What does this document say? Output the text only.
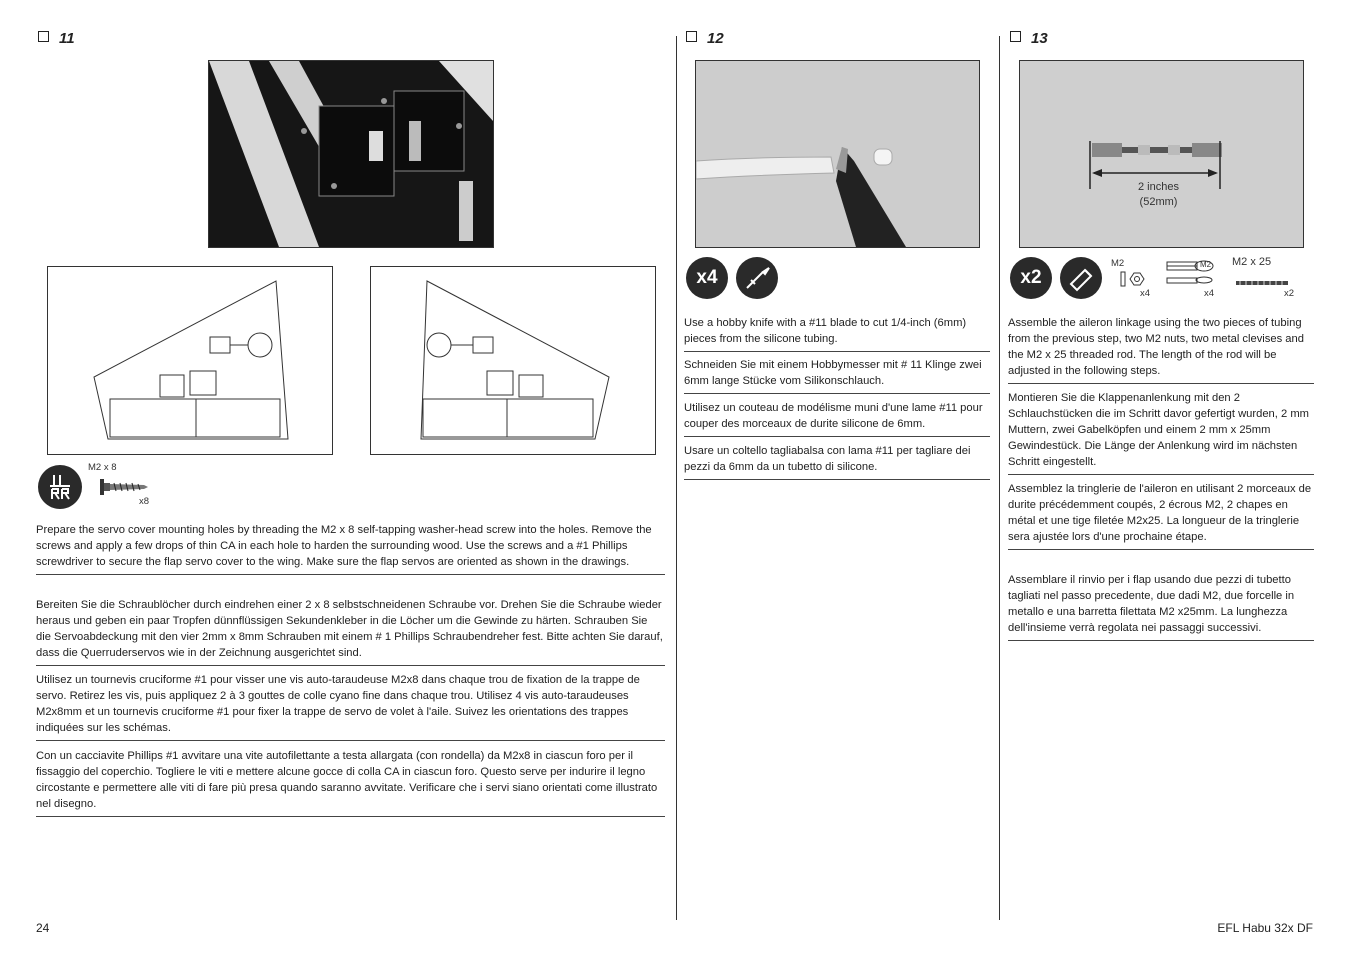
11
M2 x 8
x8
Prepare the servo cover mounting holes by threading the M2 x 8 self-tapping washer-head screw into the holes. Remove the screws and apply a few drops of thin CA in each hole to harden the surrounding wood. Use the screws and a #1 Phillips screwdriver to secure the flap servo cover to the wing. Make sure the flap servos are oriented as shown in the drawings.
Bereiten Sie die Schraublöcher durch eindrehen einer 2 x 8 selbstschneidenen Schraube vor. Drehen Sie die Schraube wieder heraus und geben ein paar Tropfen dünnflüssigen Sekundenkleber in die Löcher um die Gewinde zu härten. Schrauben Sie die Servoabdeckung mit den vier 2mm x 8mm Schrauben mit einem # 1 Phillips Schraubendreher fest. Bitte achten Sie darauf, dass die Querruderservos wie in der Zeichnung ausgerichtet sind.
Utilisez un tournevis cruciforme #1 pour visser une vis auto-taraudeuse M2x8 dans chaque trou de fixation de la trappe de servo. Retirez les vis, puis appliquez 2 à 3 gouttes de colle cyano fine dans chaque trou. Utilisez 4 vis auto-taraudeuses M2x8mm et un tournevis cruciforme #1 pour fixer la trappe de servo de volet à l'aile. Suivez les orientations des trappes indiquées sur les schémas.
Con un cacciavite Phillips #1 avvitare una vite autofilettante a testa allargata (con rondella) da M2x8 in ciascun foro per il fissaggio del coperchio. Togliere le viti e mettere alcune gocce di colla CA in ciascun foro. Questo serve per indurire il legno circostante e permettere alle viti di fare più presa quando saranno avvitate. Verificare che i servi siano orientati come illustrato nel disegno.
12
x4
Use a hobby knife with a #11 blade to cut 1/4-inch (6mm) pieces from the silicone tubing.
Schneiden Sie mit einem Hobbymesser mit # 11 Klinge zwei 6mm lange Stücke vom Silikonschlauch.
Utilisez un couteau de modélisme muni d'une lame #11 pour couper des morceaux de durite silicone de 6mm.
Usare un coltello tagliabalsa con lama #11 per tagliare dei pezzi da 6mm da un tubetto di silicone.
13
2 inches
(52mm)
x2
M2
x4
M2
x4
M2 x 25
x2
Assemble the aileron linkage using the two pieces of tubing from the previous step, two M2 nuts, two metal clevises and the M2 x 25 threaded rod. The length of the rod will be adjusted in the following steps.
Montieren Sie die Klappenanlenkung mit den 2 Schlauchstücken die im Schritt davor gefertigt wurden, 2 mm Muttern, zwei Gabelköpfen und einem 2 mm x 25mm Gewindestück. Die Länge der Anlenkung wird im nächsten Schritt eingestellt.
Assemblez la tringlerie de l'aileron en utilisant 2 morceaux de durite précédemment coupés, 2 écrous M2, 2 chapes en métal et une tige filetée M2x25. La longueur de la tringlerie sera ajustée lors d'une prochaine étape.
Assemblare il rinvio per i flap usando due pezzi di tubetto tagliati nel passo precedente, due dadi M2, due forcelle in metallo e una barretta filettata M2 x25mm. La lunghezza dell'insieme verrà regolata nei passaggi successivi.
24	EFL Habu 32x DF
